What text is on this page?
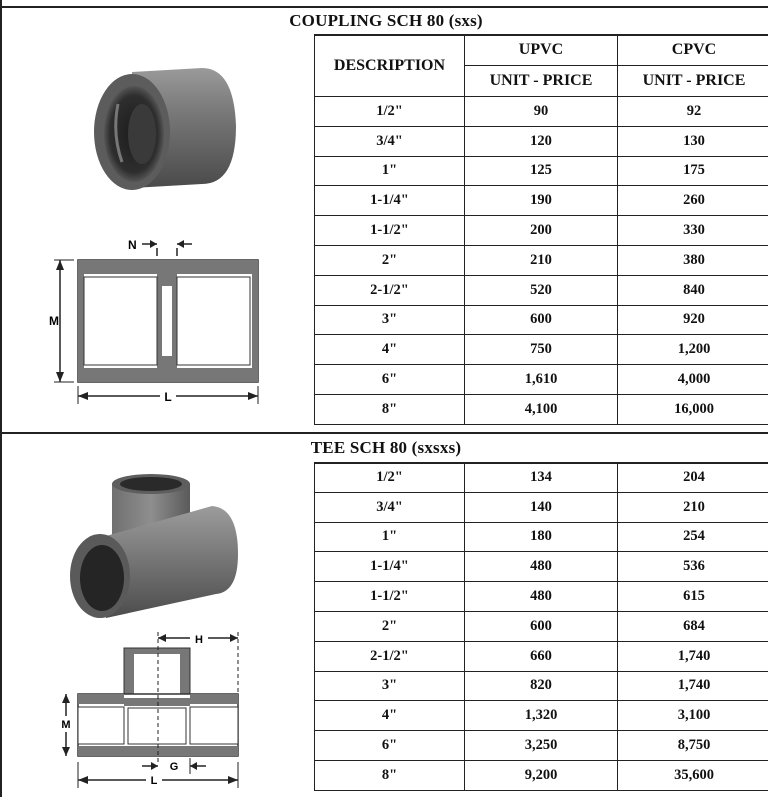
COUPLING SCH 80 (sxs)
N
M
L
DESCRIPTION	UPVC	CPVC
	UNIT - PRICE	UNIT - PRICE
1/2"	90	92
3/4"	120	130
1"	125	175
1-1/4"	190	260
1-1/2"	200	330
2"	210	380
2-1/2"	520	840
3"	600	920
4"	750	1,200
6"	1,610	4,000
8"	4,100	16,000
TEE SCH 80 (sxsxs)
H
M
G
L
1/2"	134	204
3/4"	140	210
1"	180	254
1-1/4"	480	536
1-1/2"	480	615
2"	600	684
2-1/2"	660	1,740
3"	820	1,740
4"	1,320	3,100
6"	3,250	8,750
8"	9,200	35,600
